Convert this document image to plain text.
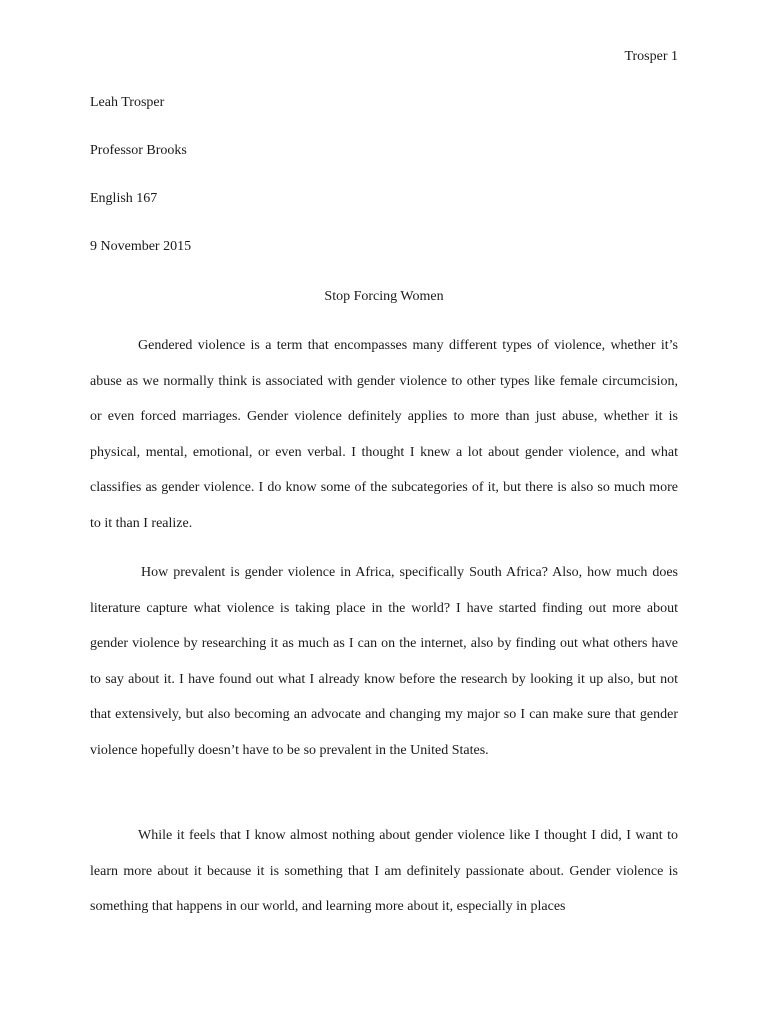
Trosper 1
Leah Trosper
Professor Brooks
English 167
9 November 2015
Stop Forcing Women

Gendered violence is a term that encompasses many different types of violence, whether it’s abuse as we normally think is associated with gender violence to other types like female circumcision, or even forced marriages. Gender violence definitely applies to more than just abuse, whether it is physical, mental, emotional, or even verbal. I thought I knew a lot about gender violence, and what classifies as gender violence. I do know some of the subcategories of it, but there is also so much more to it than I realize.

How prevalent is gender violence in Africa, specifically South Africa? Also, how much does literature capture what violence is taking place in the world? I have started finding out more about gender violence by researching it as much as I can on the internet, also by finding out what others have to say about it. I have found out what I already know before the research by looking it up also, but not that extensively, but also becoming an advocate and changing my major so I can make sure that gender violence hopefully doesn’t have to be so prevalent in the United States.

While it feels that I know almost nothing about gender violence like I thought I did, I want to learn more about it because it is something that I am definitely passionate about. Gender violence is something that happens in our world, and learning more about it, especially in places
